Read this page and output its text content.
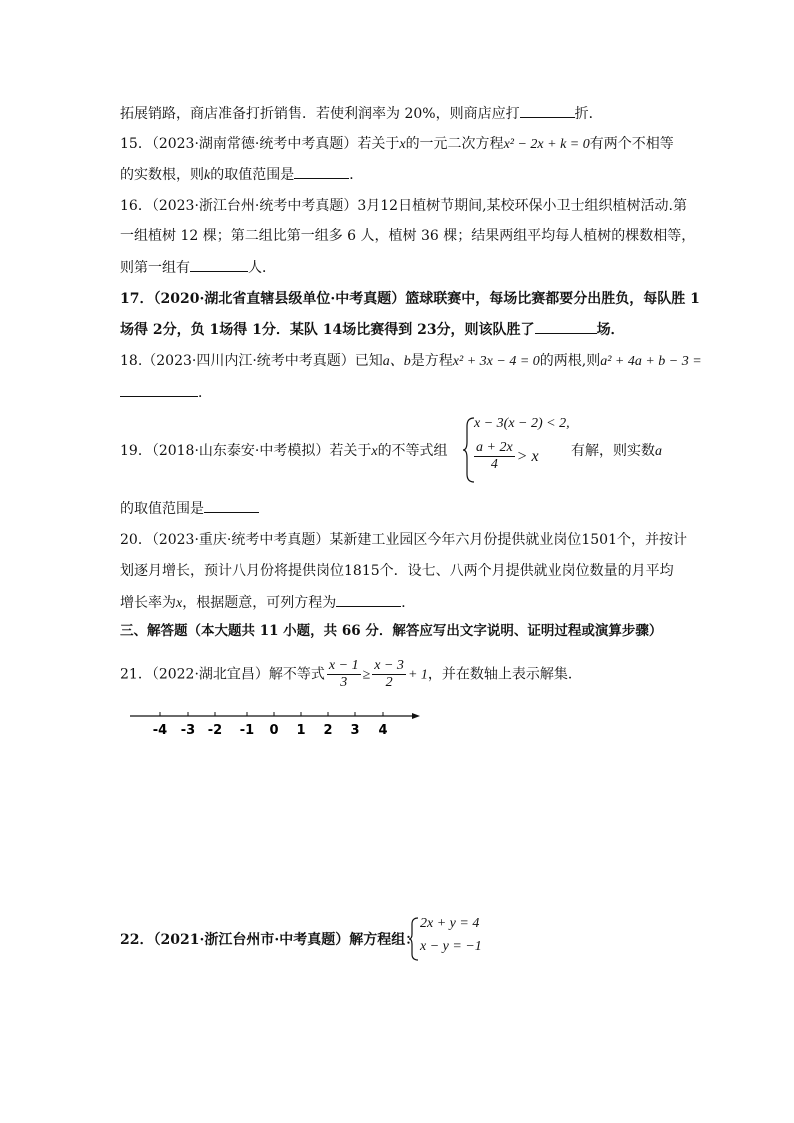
拓展销路，商店准备打折销售．若使利润率为 20%，则商店应打	折．
15．（2023·湖南常德·统考中考真题）若关于x的一元二次方程x² − 2x + k = 0有两个不相等
的实数根，则k的取值范围是	．
16．（2023·浙江台州·统考中考真题）3月12日植树节期间,某校环保小卫士组织植树活动.第
一组植树 12 棵；第二组比第一组多 6 人，植树 36 棵；结果两组平均每人植树的棵数相等，
则第一组有	人．
17．（2020·湖北省直辖县级单位·中考真题）篮球联赛中，每场比赛都要分出胜负，每队胜 1
场得 2分，负 1场得 1分．某队 14场比赛得到 23分，则该队胜了	场．
18.（2023·四川内江·统考中考真题）已知a、b是方程x² + 3x − 4 = 0的两根,则a² + 4a + b − 3 =
．
19．（2018·山东泰安·中考模拟）若关于x的不等式组
x − 3(x − 2) < 2,
$\frac{a + 2x}{4} > x$ 有解，则实数a
的取值范围是
20．（2023·重庆·统考中考真题）某新建工业园区今年六月份提供就业岗位1501个，并按计
划逐月增长，预计八月份将提供岗位1815个．设七、八两个月提供就业岗位数量的月平均
增长率为x，根据题意，可列方程为	．
三、解答题（本大题共 11 小题，共 66 分．解答应写出文字说明、证明过程或演算步骤）
21．（2022·湖北宜昌）解不等式 $\frac{x - 1}{3} \ge \frac{x - 3}{2} + 1$，并在数轴上表示解集．
-4 -3 -2 -1 0 1 2 3 4
22．（2021·浙江台州市·中考真题）解方程组：
2x + y = 4
x − y = −1
